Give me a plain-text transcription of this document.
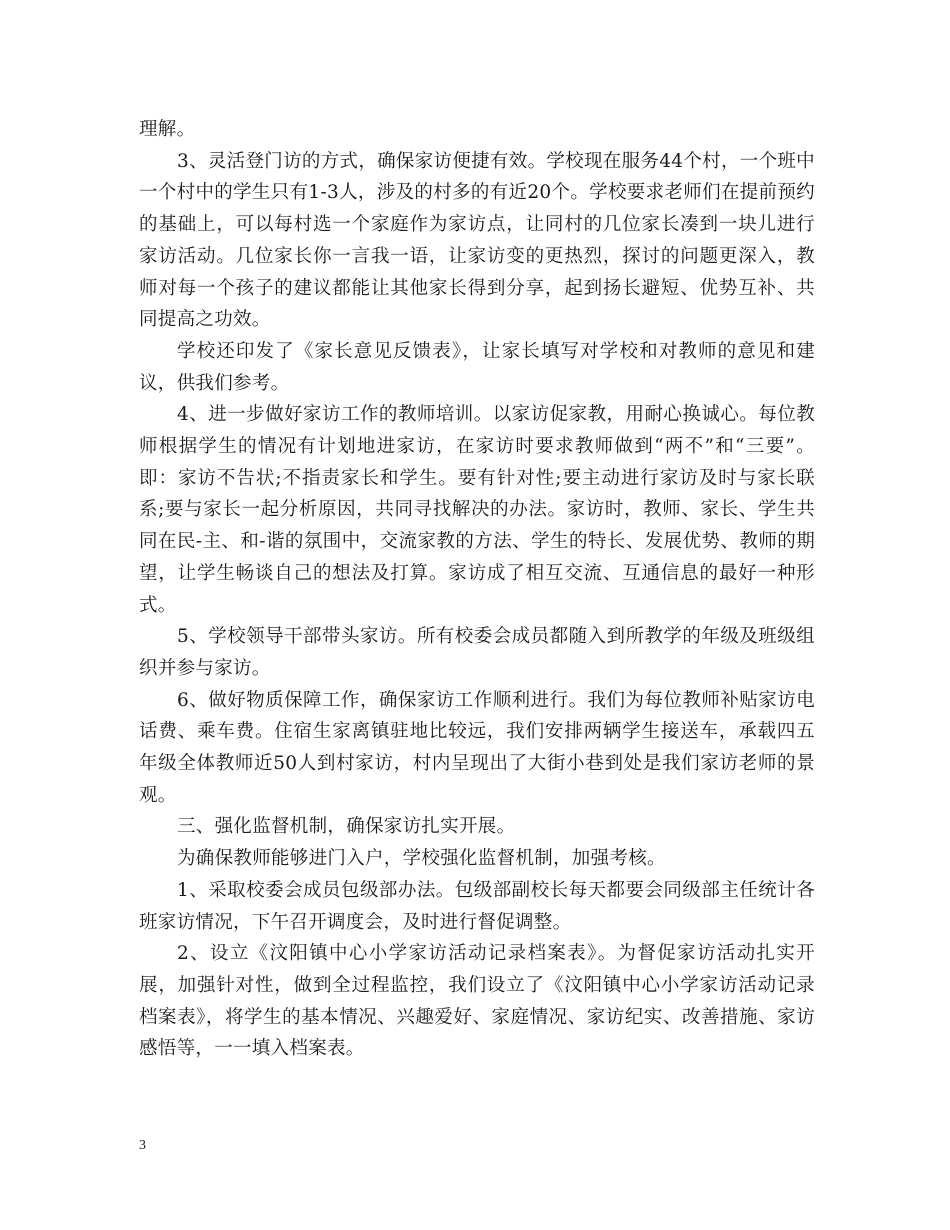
理解。

3、灵活登门访的方式，确保家访便捷有效。学校现在服务44个村，一个班中一个村中的学生只有1-3人，涉及的村多的有近20个。学校要求老师们在提前预约的基础上，可以每村选一个家庭作为家访点，让同村的几位家长凑到一块儿进行家访活动。几位家长你一言我一语，让家访变的更热烈，探讨的问题更深入，教师对每一个孩子的建议都能让其他家长得到分享，起到扬长避短、优势互补、共同提高之功效。

学校还印发了《家长意见反馈表》，让家长填写对学校和对教师的意见和建议，供我们参考。

4、进一步做好家访工作的教师培训。以家访促家教，用耐心换诚心。每位教师根据学生的情况有计划地进家访，在家访时要求教师做到“两不”和“三要”。即：家访不告状;不指责家长和学生。要有针对性;要主动进行家访及时与家长联系;要与家长一起分析原因，共同寻找解决的办法。家访时，教师、家长、学生共同在民-主、和-谐的氛围中，交流家教的方法、学生的特长、发展优势、教师的期望，让学生畅谈自己的想法及打算。家访成了相互交流、互通信息的最好一种形式。

5、学校领导干部带头家访。所有校委会成员都随入到所教学的年级及班级组织并参与家访。

6、做好物质保障工作，确保家访工作顺利进行。我们为每位教师补贴家访电话费、乘车费。住宿生家离镇驻地比较远，我们安排两辆学生接送车，承载四五年级全体教师近50人到村家访，村内呈现出了大街小巷到处是我们家访老师的景观。

三、强化监督机制，确保家访扎实开展。

为确保教师能够进门入户，学校强化监督机制，加强考核。

1、采取校委会成员包级部办法。包级部副校长每天都要会同级部主任统计各班家访情况，下午召开调度会，及时进行督促调整。

2、设立《汶阳镇中心小学家访活动记录档案表》。为督促家访活动扎实开展，加强针对性，做到全过程监控，我们设立了《汶阳镇中心小学家访活动记录档案表》，将学生的基本情况、兴趣爱好、家庭情况、家访纪实、改善措施、家访感悟等，一一填入档案表。

3
